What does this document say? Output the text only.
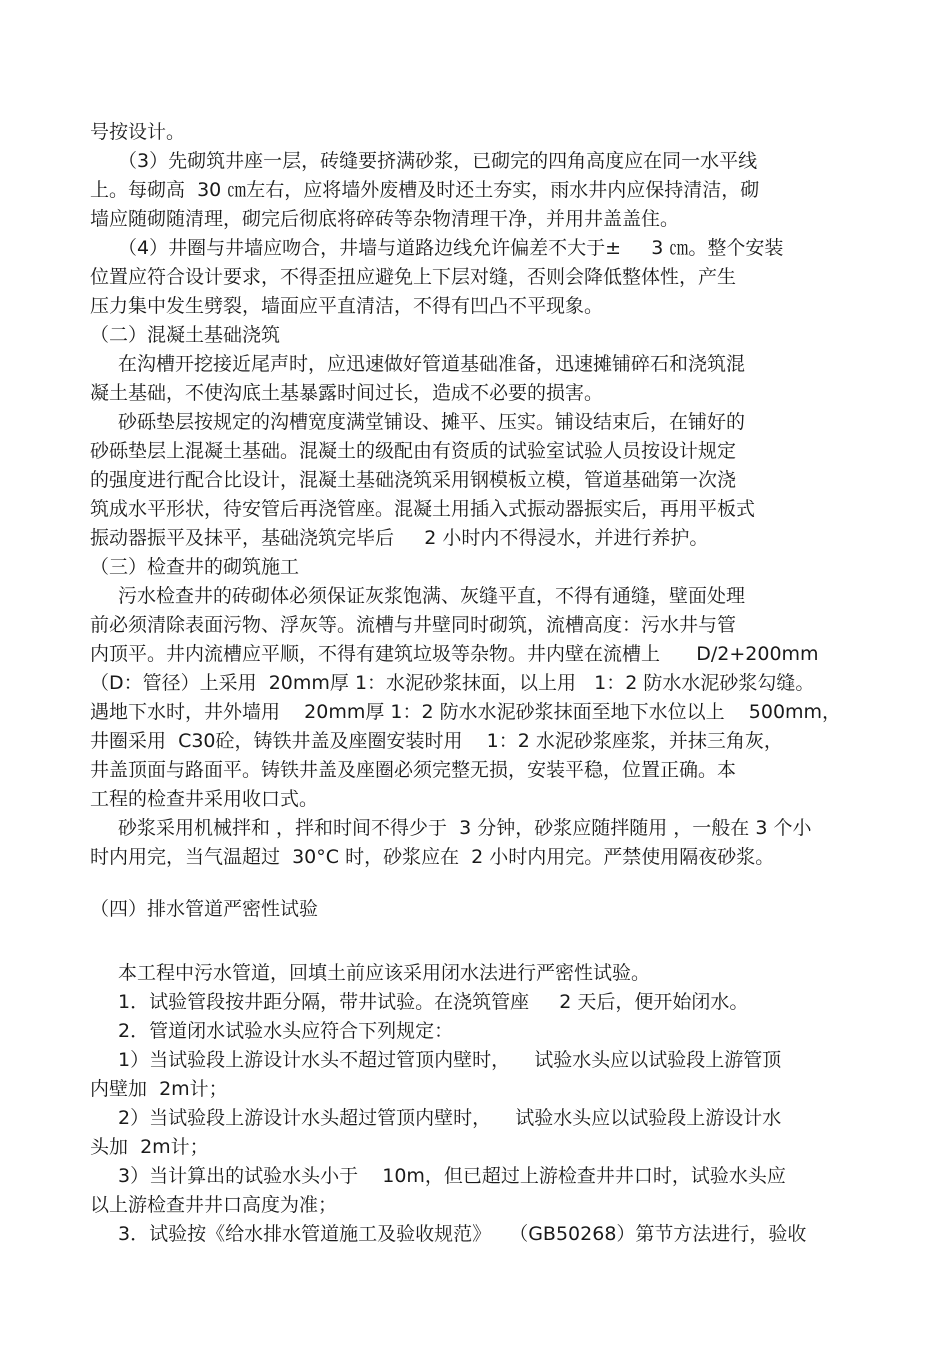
号按设计。
（3）先砌筑井座一层，砖缝要挤满砂浆，已砌完的四角高度应在同一水平线
上。每砌高  30 ㎝左右，应将墙外废槽及时还土夯实，雨水井内应保持清洁，砌
墙应随砌随清理，砌完后彻底将碎砖等杂物清理干净，并用井盖盖住。
（4）井圈与井墙应吻合，井墙与道路边线允许偏差不大于±     3 ㎝。整个安装
位置应符合设计要求，不得歪扭应避免上下层对缝，否则会降低整体性，产生
压力集中发生劈裂，墙面应平直清洁，不得有凹凸不平现象。
（二）混凝土基础浇筑
在沟槽开挖接近尾声时，应迅速做好管道基础准备，迅速摊铺碎石和浇筑混
凝土基础，不使沟底土基暴露时间过长，造成不必要的损害。
砂砾垫层按规定的沟槽宽度满堂铺设、摊平、压实。铺设结束后，在铺好的
砂砾垫层上混凝土基础。混凝土的级配由有资质的试验室试验人员按设计规定
的强度进行配合比设计，混凝土基础浇筑采用钢模板立模，管道基础第一次浇
筑成水平形状，待安管后再浇管座。混凝土用插入式振动器振实后，再用平板式
振动器振平及抹平，基础浇筑完毕后     2 小时内不得浸水，并进行养护。
（三）检查井的砌筑施工
污水检查井的砖砌体必须保证灰浆饱满、灰缝平直，不得有通缝，壁面处理
前必须清除表面污物、浮灰等。流槽与井壁同时砌筑，流槽高度：污水井与管
内顶平。井内流槽应平顺，不得有建筑垃圾等杂物。井内壁在流槽上      D/2+200mm
（D：管径）上采用  20mm厚 1：水泥砂浆抹面，以上用   1：2 防水水泥砂浆勾缝。
遇地下水时，井外墙用    20mm厚 1：2 防水水泥砂浆抹面至地下水位以上    500mm，
井圈采用  C30砼，铸铁井盖及座圈安装时用    1：2 水泥砂浆座浆，并抹三角灰，
井盖顶面与路面平。铸铁井盖及座圈必须完整无损，安装平稳，位置正确。本
工程的检查井采用收口式。
砂浆采用机械拌和 ，拌和时间不得少于  3 分钟，砂浆应随拌随用 ，一般在 3 个小
时内用完，当气温超过  30°C 时，砂浆应在  2 小时内用完。严禁使用隔夜砂浆。
（四）排水管道严密性试验
本工程中污水管道，回填土前应该采用闭水法进行严密性试验。
1．试验管段按井距分隔，带井试验。在浇筑管座     2 天后，便开始闭水。
2．管道闭水试验水头应符合下列规定：
1）当试验段上游设计水头不超过管顶内壁时，    试验水头应以试验段上游管顶
内壁加  2m计；
2）当试验段上游设计水头超过管顶内壁时，    试验水头应以试验段上游设计水
头加  2m计；
3）当计算出的试验水头小于    10m，但已超过上游检查井井口时，试验水头应
以上游检查井井口高度为准；
3．试验按《给水排水管道施工及验收规范》   （GB50268）第节方法进行，验收
